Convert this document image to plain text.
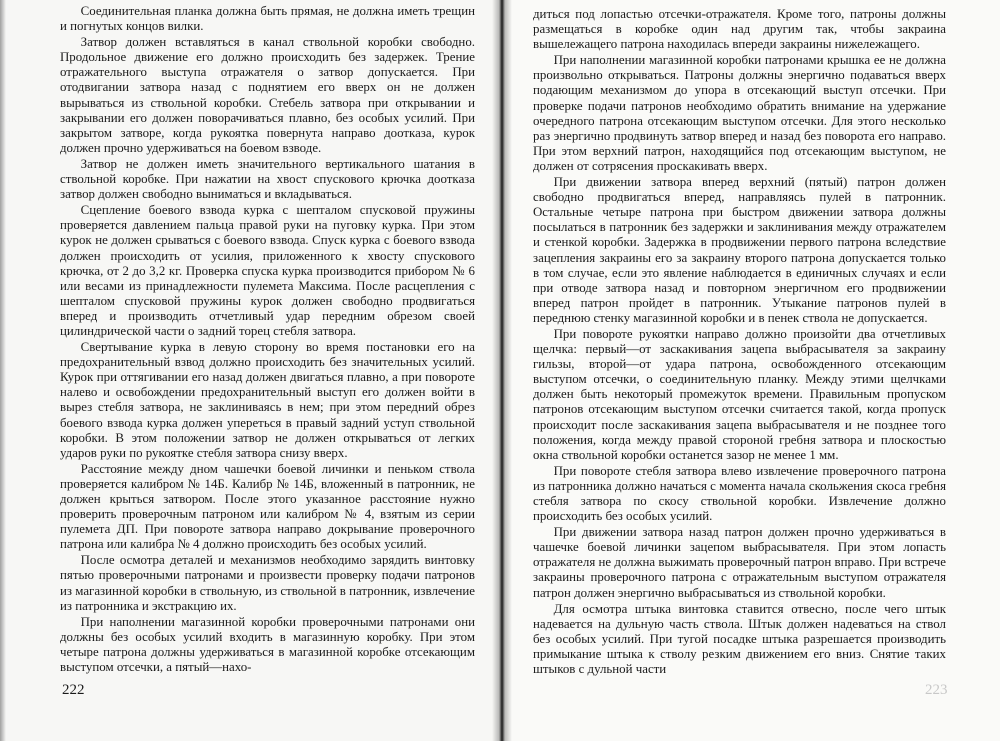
Соединительная планка должна быть прямая, не должна иметь трещин и погнутых концов вилки.

Затвор должен вставляться в канал ствольной коробки свободно. Продольное движение его должно происходить без задержек. Трение отражательного выступа отражателя о затвор допускается. При отодвигании затвора назад с поднятием его вверх он не должен вырываться из ствольной коробки. Стебель затвора при открывании и закрывании его должен поворачиваться плавно, без особых усилий. При закрытом затворе, когда рукоятка повернута направо доотказа, курок должен прочно удерживаться на боевом взводе.

Затвор не должен иметь значительного вертикального шатания в ствольной коробке. При нажатии на хвост спускового крючка доотказа затвор должен свободно выниматься и вкладываться.

Сцепление боевого взвода курка с шепталом спусковой пружины проверяется давлением пальца правой руки на пуговку курка. При этом курок не должен срываться с боевого взвода. Спуск курка с боевого взвода должен происходить от усилия, приложенного к хвосту спускового крючка, от 2 до 3,2 кг. Проверка спуска курка производится прибором № 6 или весами из принадлежности пулемета Максима. После расцепления с шепталом спусковой пружины курок должен свободно продвигаться вперед и производить отчетливый удар передним обрезом своей цилиндрической части о задний торец стебля затвора.

Свертывание курка в левую сторону во время постановки его на предохранительный взвод должно происходить без значительных усилий. Курок при оттягивании его назад должен двигаться плавно, а при повороте налево и освобождении предохранительный выступ его должен войти в вырез стебля затвора, не заклиниваясь в нем; при этом передний обрез боевого взвода курка должен упереться в правый задний уступ ствольной коробки. В этом положении затвор не должен открываться от легких ударов руки по рукоятке стебля затвора снизу вверх.

Расстояние между дном чашечки боевой личинки и пеньком ствола проверяется калибром № 14Б. Калибр № 14Б, вложенный в патронник, не должен крыться затвором. После этого указанное расстояние нужно проверить проверочным патроном или калибром № 4, взятым из серии пулемета ДП. При повороте затвора направо докрывание проверочного патрона или калибра № 4 должно происходить без особых усилий.

После осмотра деталей и механизмов необходимо зарядить винтовку пятью проверочными патронами и произвести проверку подачи патронов из магазинной коробки в ствольную, из ствольной в патронник, извлечение из патронника и экстракцию их.

При наполнении магазинной коробки проверочными патронами они должны без особых усилий входить в магазинную коробку. При этом четыре патрона должны удерживаться в магазинной коробке отсекающим выступом отсечки, а пятый—нахо-

222

диться под лопастью отсечки-отражателя. Кроме того, патроны должны размещаться в коробке один над другим так, чтобы закраина вышележащего патрона находилась впереди закраины нижележащего.

При наполнении магазинной коробки патронами крышка ее не должна произвольно открываться. Патроны должны энергично подаваться вверх подающим механизмом до упора в отсекающий выступ отсечки. При проверке подачи патронов необходимо обратить внимание на удержание очередного патрона отсекающим выступом отсечки. Для этого несколько раз энергично продвинуть затвор вперед и назад без поворота его направо. При этом верхний патрон, находящийся под отсекающим выступом, не должен от сотрясения проскакивать вверх.

При движении затвора вперед верхний (пятый) патрон должен свободно продвигаться вперед, направляясь пулей в патронник. Остальные четыре патрона при быстром движении затвора должны посылаться в патронник без задержки и заклинивания между отражателем и стенкой коробки. Задержка в продвижении первого патрона вследствие зацепления закраины его за закраину второго патрона допускается только в том случае, если это явление наблюдается в единичных случаях и если при отводе затвора назад и повторном энергичном его продвижении вперед патрон пройдет в патронник. Утыкание патронов пулей в переднюю стенку магазинной коробки и в пенек ствола не допускается.

При повороте рукоятки направо должно произойти два отчетливых щелчка: первый—от заскакивания зацепа выбрасывателя за закраину гильзы, второй—от удара патрона, освобожденного отсекающим выступом отсечки, о соединительную планку. Между этими щелчками должен быть некоторый промежуток времени. Правильным пропуском патронов отсекающим выступом отсечки считается такой, когда пропуск происходит после заскакивания зацепа выбрасывателя и не позднее того положения, когда между правой стороной гребня затвора и плоскостью окна ствольной коробки останется зазор не менее 1 мм.

При повороте стебля затвора влево извлечение проверочного патрона из патронника должно начаться с момента начала скольжения скоса гребня стебля затвора по скосу ствольной коробки. Извлечение должно происходить без особых усилий.

При движении затвора назад патрон должен прочно удерживаться в чашечке боевой личинки зацепом выбрасывателя. При этом лопасть отражателя не должна выжимать проверочный патрон вправо. При встрече закраины проверочного патрона с отражательным выступом отражателя патрон должен энергично выбрасываться из ствольной коробки.

Для осмотра штыка винтовка ставится отвесно, после чего штык надевается на дульную часть ствола. Штык должен надеваться на ствол без особых усилий. При тугой посадке штыка разрешается производить примыкание штыка к стволу резким движением его вниз. Снятие таких штыков с дульной части

223
